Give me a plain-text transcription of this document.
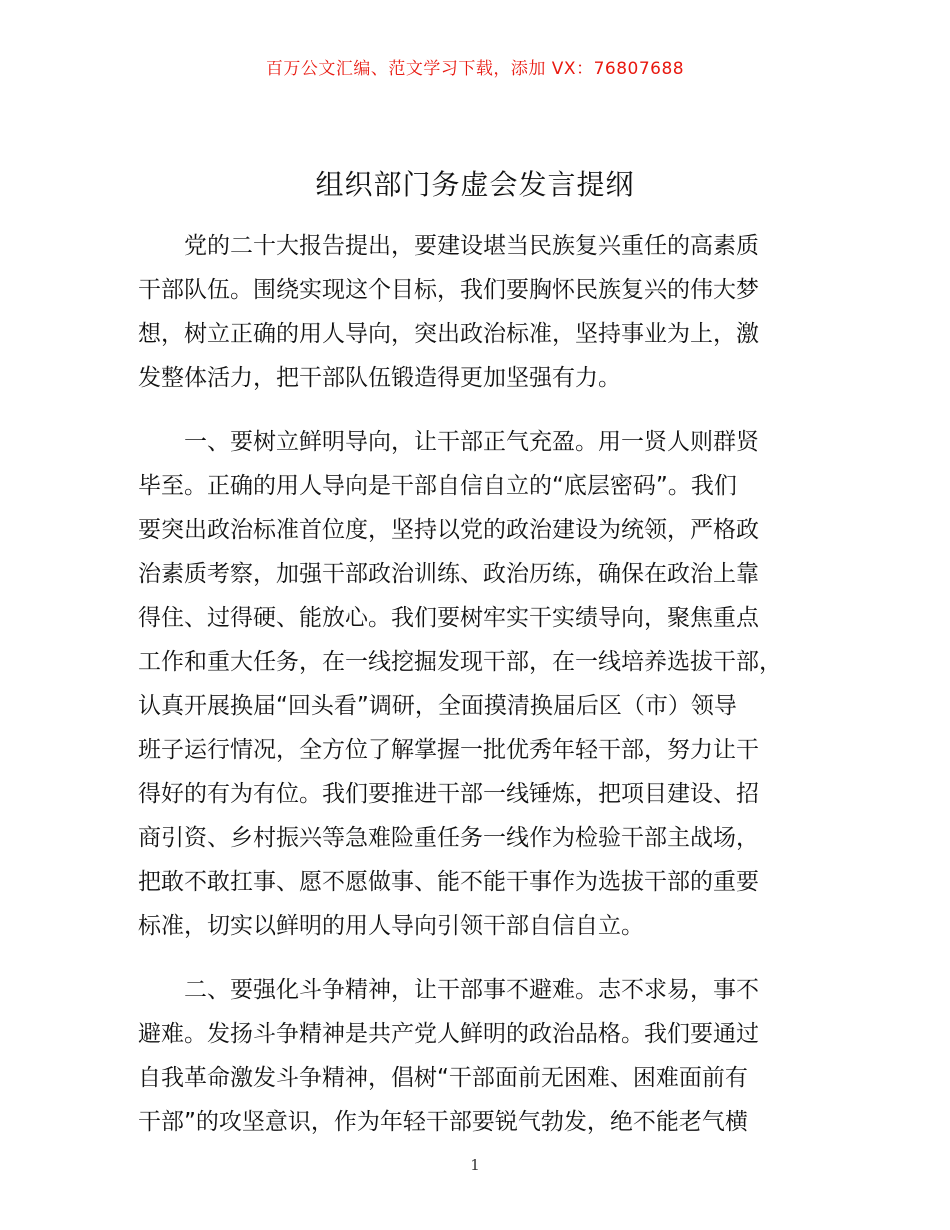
百万公文汇编、范文学习下载，添加 VX：76807688
组织部门务虚会发言提纲
党的二十大报告提出，要建设堪当民族复兴重任的高素质
干部队伍。围绕实现这个目标，我们要胸怀民族复兴的伟大梦
想，树立正确的用人导向，突出政治标准，坚持事业为上，激
发整体活力，把干部队伍锻造得更加坚强有力。
一、要树立鲜明导向，让干部正气充盈。用一贤人则群贤
毕至。正确的用人导向是干部自信自立的“底层密码”。我们
要突出政治标准首位度，坚持以党的政治建设为统领，严格政
治素质考察，加强干部政治训练、政治历练，确保在政治上靠
得住、过得硬、能放心。我们要树牢实干实绩导向，聚焦重点
工作和重大任务，在一线挖掘发现干部，在一线培养选拔干部，
认真开展换届“回头看”调研，全面摸清换届后区（市）领导
班子运行情况，全方位了解掌握一批优秀年轻干部，努力让干
得好的有为有位。我们要推进干部一线锤炼，把项目建设、招
商引资、乡村振兴等急难险重任务一线作为检验干部主战场，
把敢不敢扛事、愿不愿做事、能不能干事作为选拔干部的重要
标准，切实以鲜明的用人导向引领干部自信自立。
二、要强化斗争精神，让干部事不避难。志不求易，事不
避难。发扬斗争精神是共产党人鲜明的政治品格。我们要通过
自我革命激发斗争精神，倡树“干部面前无困难、困难面前有
干部”的攻坚意识，作为年轻干部要锐气勃发，绝不能老气横
1
